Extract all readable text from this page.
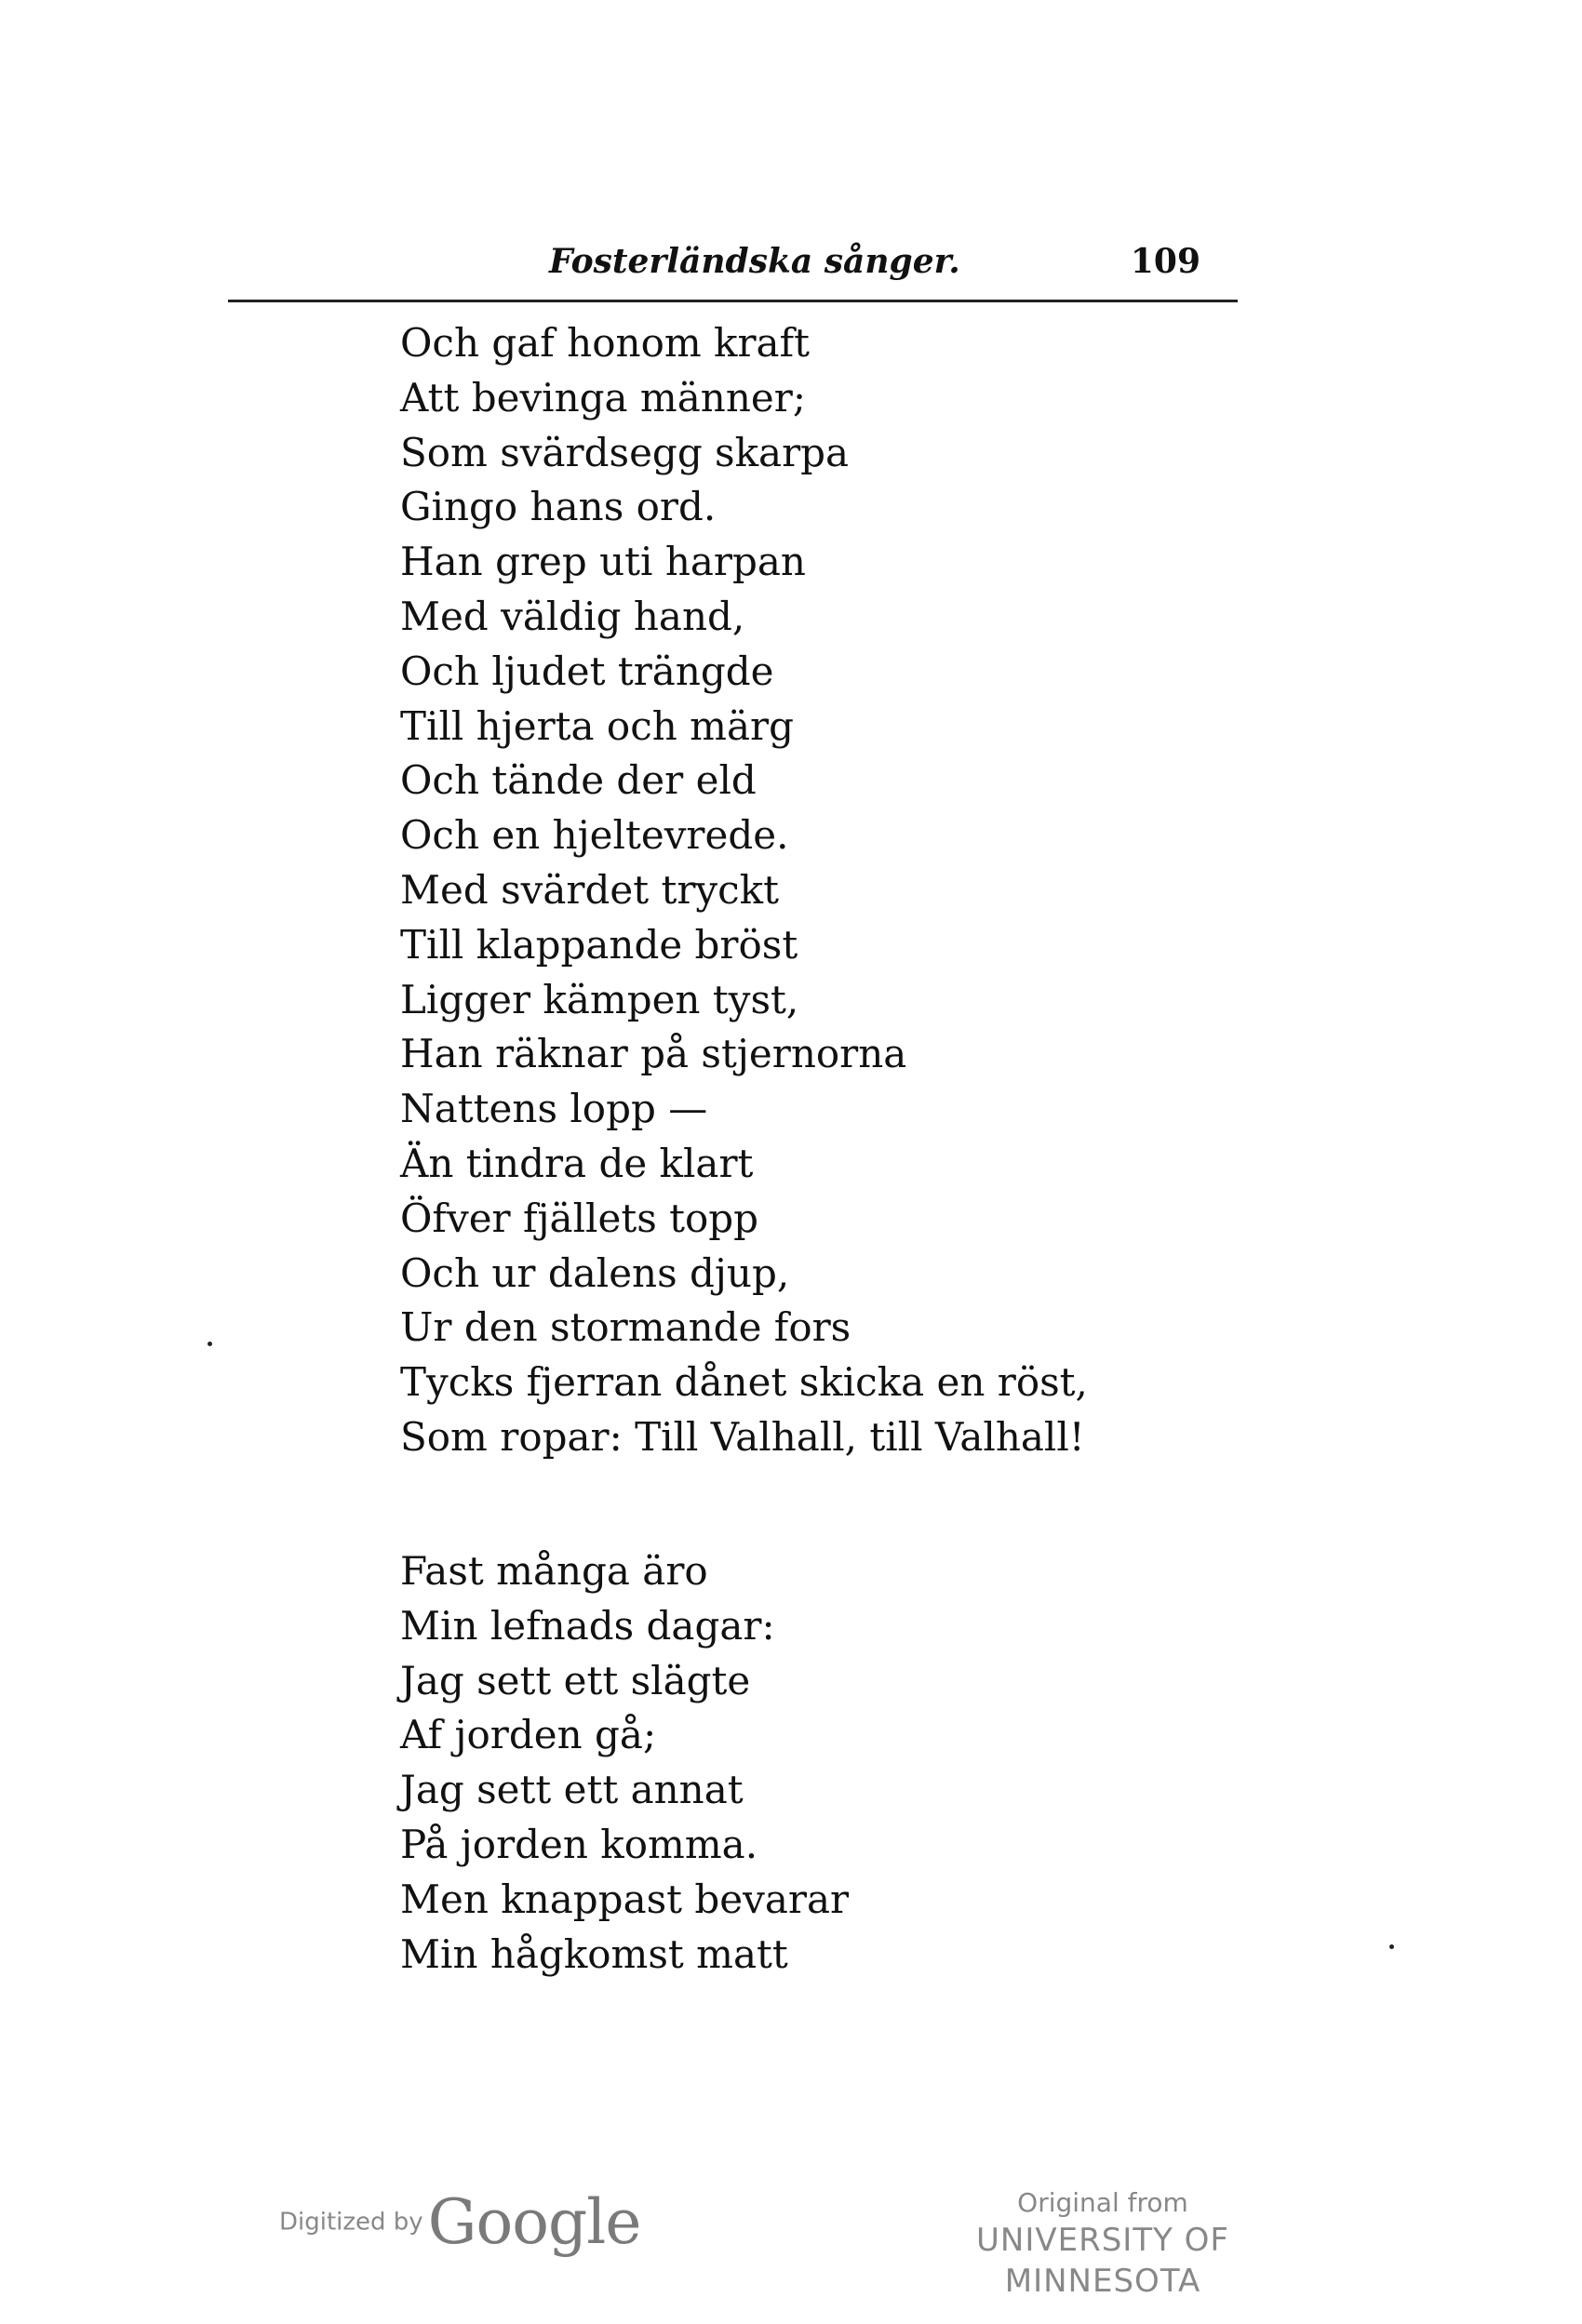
Fosterländska sånger.	109
Och gaf honom kraft
Att bevinga männer;
Som svärdsegg skarpa
Gingo hans ord.
Han grep uti harpan
Med väldig hand,
Och ljudet trängde
Till hjerta och märg
Och tände der eld
Och en hjeltevrede.
Med svärdet tryckt
Till klappande bröst
Ligger kämpen tyst,
Han räknar på stjernorna
Nattens lopp —
Än tindra de klart
Öfver fjällets topp
Och ur dalens djup,
Ur den stormande fors
Tycks fjerran dånet skicka en röst,
Som ropar: Till Valhall, till Valhall!
Fast många äro
Min lefnads dagar:
Jag sett ett slägte
Af jorden gå;
Jag sett ett annat
På jorden komma.
Men knappast bevarar
Min hågkomst matt
Digitized by Google	Original from
UNIVERSITY OF MINNESOTA
